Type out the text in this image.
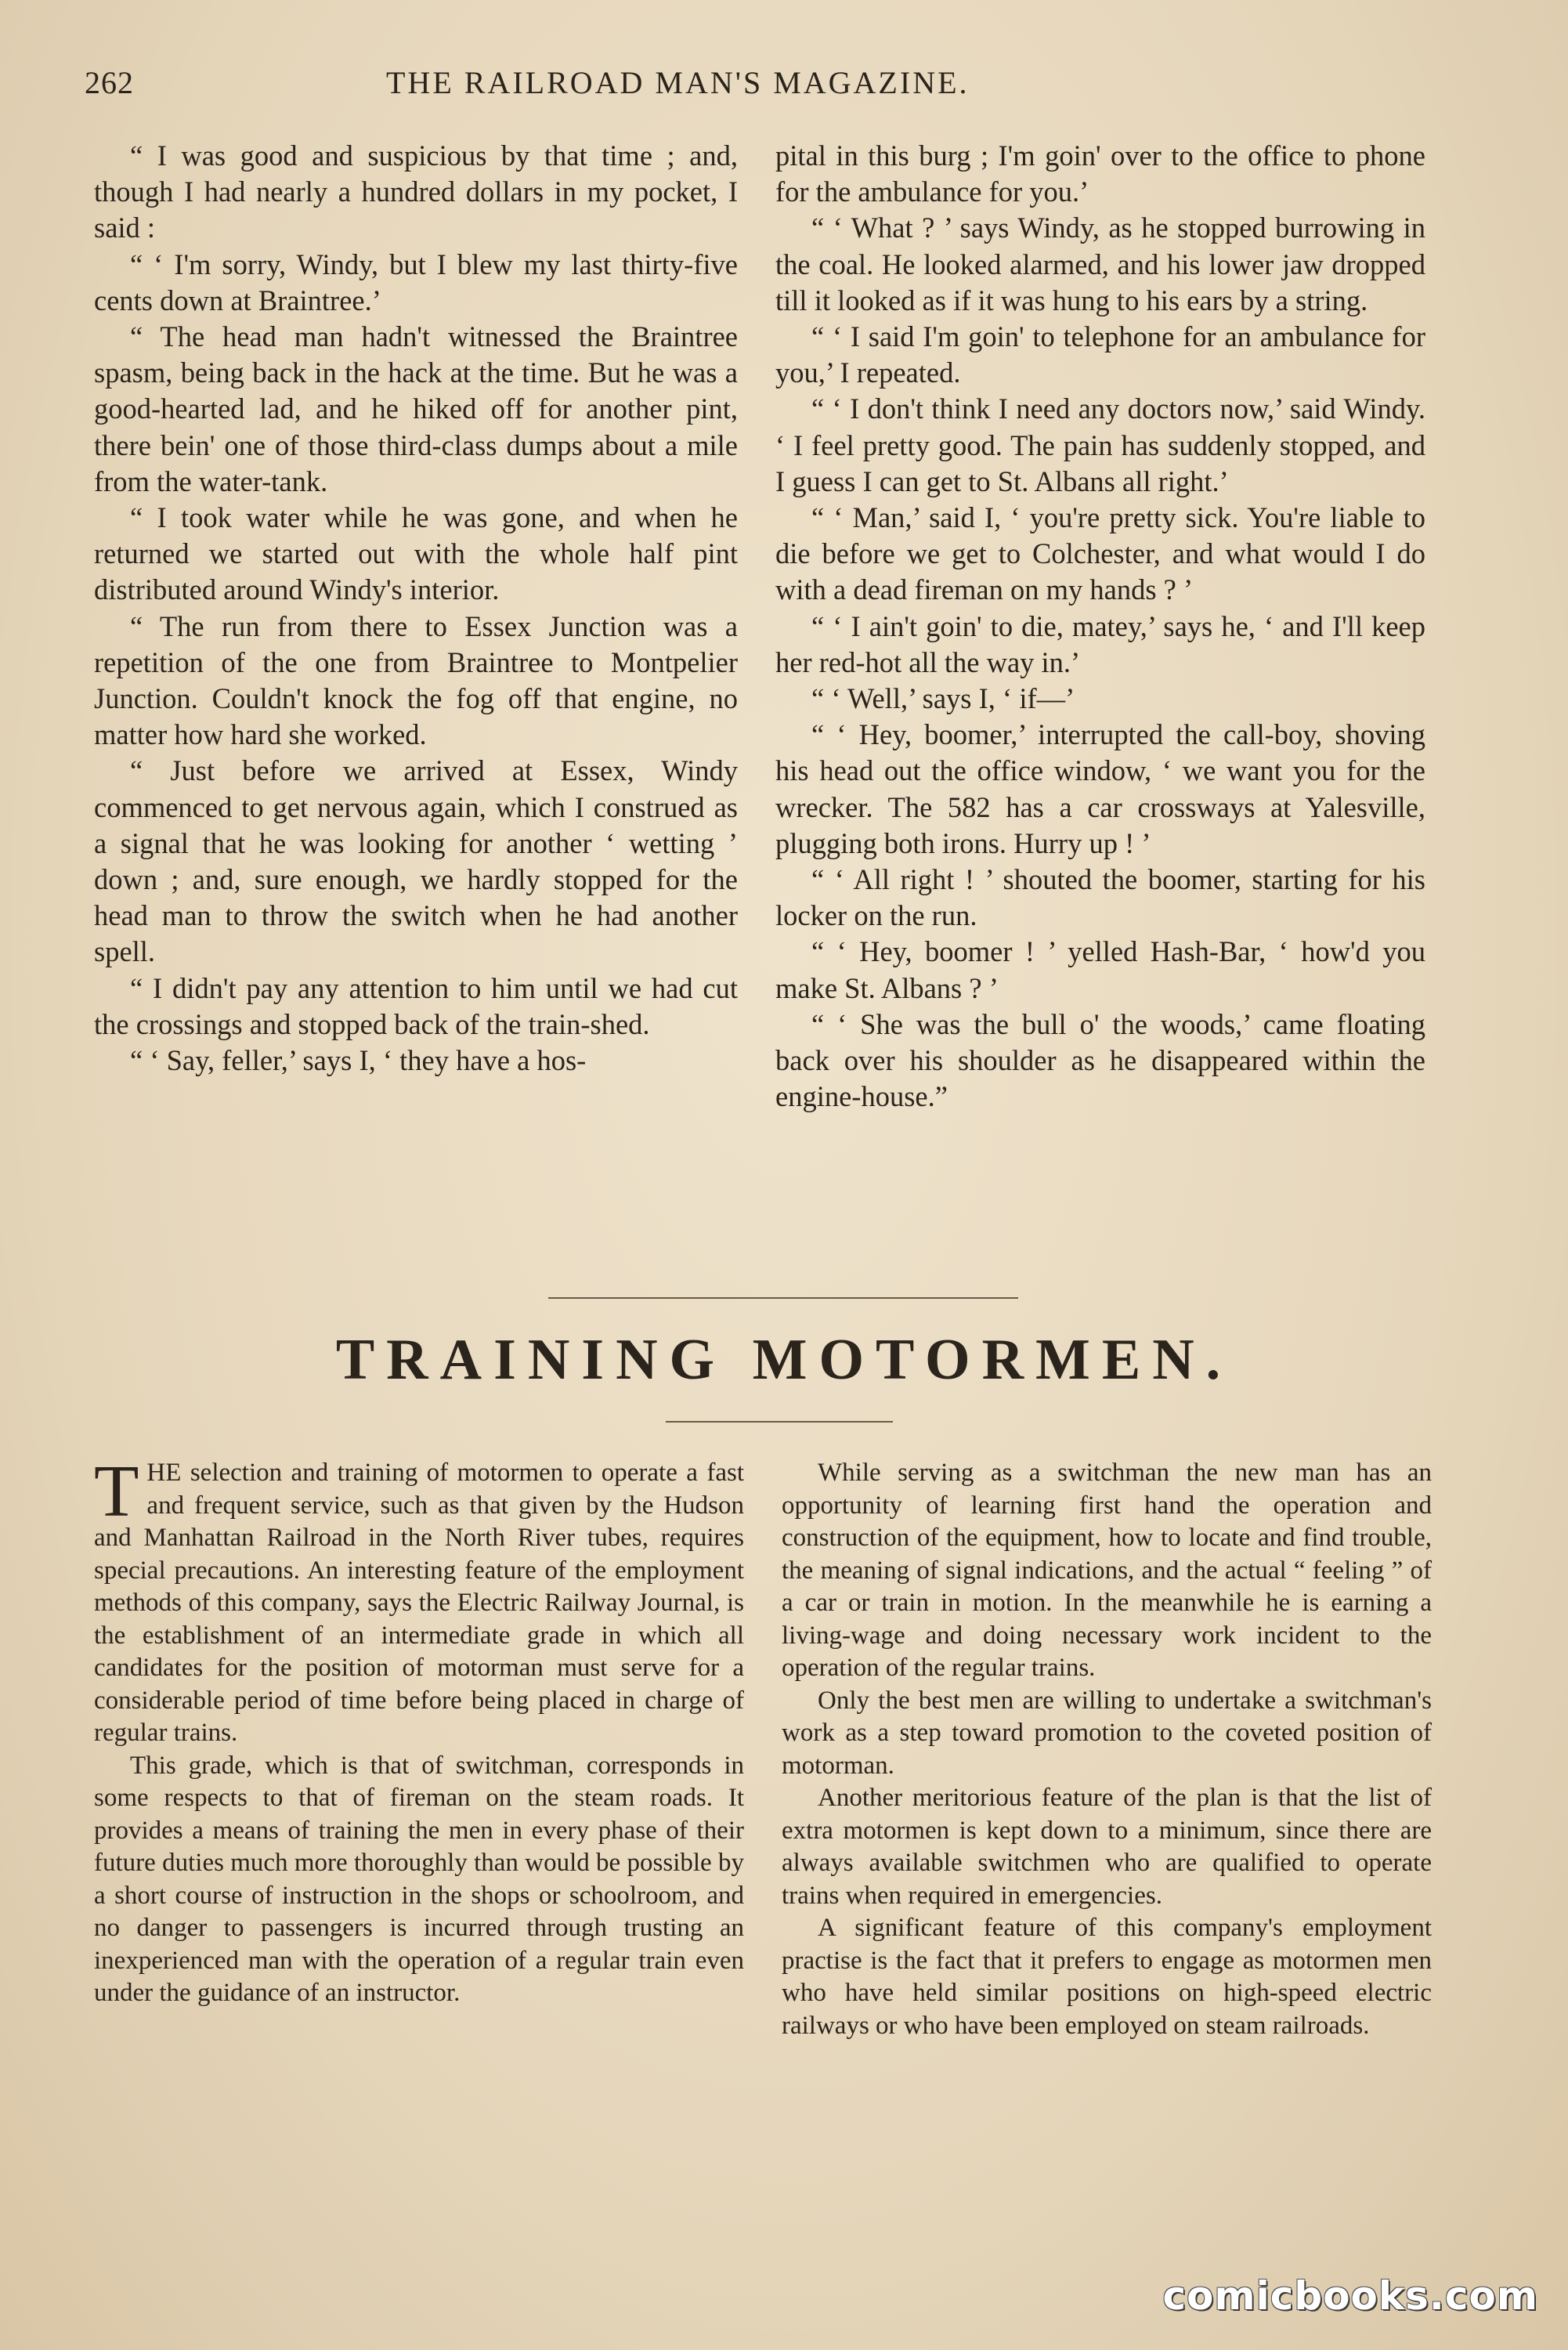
262	THE RAILROAD MAN'S MAGAZINE.

“ I was good and suspicious by that time ; and, though I had nearly a hundred dollars in my pocket, I said :

“ ‘ I'm sorry, Windy, but I blew my last thirty-five cents down at Braintree.’

“ The head man hadn't witnessed the Braintree spasm, being back in the hack at the time. But he was a good-hearted lad, and he hiked off for another pint, there bein' one of those third-class dumps about a mile from the water-tank.

“ I took water while he was gone, and when he returned we started out with the whole half pint distributed around Windy's interior.

“ The run from there to Essex Junction was a repetition of the one from Braintree to Montpelier Junction. Couldn't knock the fog off that engine, no matter how hard she worked.

“ Just before we arrived at Essex, Windy commenced to get nervous again, which I construed as a signal that he was looking for another ‘ wetting ’ down ; and, sure enough, we hardly stopped for the head man to throw the switch when he had another spell.

“ I didn't pay any attention to him until we had cut the crossings and stopped back of the train-shed.

“ ‘ Say, feller,’ says I, ‘ they have a hos-

pital in this burg ; I'm goin' over to the office to phone for the ambulance for you.’

“ ‘ What ? ’ says Windy, as he stopped burrowing in the coal. He looked alarmed, and his lower jaw dropped till it looked as if it was hung to his ears by a string.

“ ‘ I said I'm goin' to telephone for an ambulance for you,’ I repeated.

“ ‘ I don't think I need any doctors now,’ said Windy. ‘ I feel pretty good. The pain has suddenly stopped, and I guess I can get to St. Albans all right.’

“ ‘ Man,’ said I, ‘ you're pretty sick. You're liable to die before we get to Colchester, and what would I do with a dead fireman on my hands ? ’

“ ‘ I ain't goin' to die, matey,’ says he, ‘ and I'll keep her red-hot all the way in.’

“ ‘ Well,’ says I, ‘ if—’

“ ‘ Hey, boomer,’ interrupted the call-boy, shoving his head out the office window, ‘ we want you for the wrecker. The 582 has a car crossways at Yalesville, plugging both irons. Hurry up ! ’

“ ‘ All right ! ’ shouted the boomer, starting for his locker on the run.

“ ‘ Hey, boomer ! ’ yelled Hash-Bar, ‘ how'd you make St. Albans ? ’

“ ‘ She was the bull o' the woods,’ came floating back over his shoulder as he disappeared within the engine-house.”

TRAINING MOTORMEN.

THE selection and training of motormen to operate a fast and frequent service, such as that given by the Hudson and Manhattan Railroad in the North River tubes, requires special precautions. An interesting feature of the employment methods of this company, says the Electric Railway Journal, is the establishment of an intermediate grade in which all candidates for the position of motorman must serve for a considerable period of time before being placed in charge of regular trains.

This grade, which is that of switchman, corresponds in some respects to that of fireman on the steam roads. It provides a means of training the men in every phase of their future duties much more thoroughly than would be possible by a short course of instruction in the shops or schoolroom, and no danger to passengers is incurred through trusting an inexperienced man with the operation of a regular train even under the guidance of an instructor.

While serving as a switchman the new man has an opportunity of learning first hand the operation and construction of the equipment, how to locate and find trouble, the meaning of signal indications, and the actual “ feeling ” of a car or train in motion. In the meanwhile he is earning a living-wage and doing necessary work incident to the operation of the regular trains.

Only the best men are willing to undertake a switchman's work as a step toward promotion to the coveted position of motorman.

Another meritorious feature of the plan is that the list of extra motormen is kept down to a minimum, since there are always available switchmen who are qualified to operate trains when required in emergencies.

A significant feature of this company's employment practise is the fact that it prefers to engage as motormen men who have held similar positions on high-speed electric railways or who have been employed on steam railroads.

comicbooks.com
